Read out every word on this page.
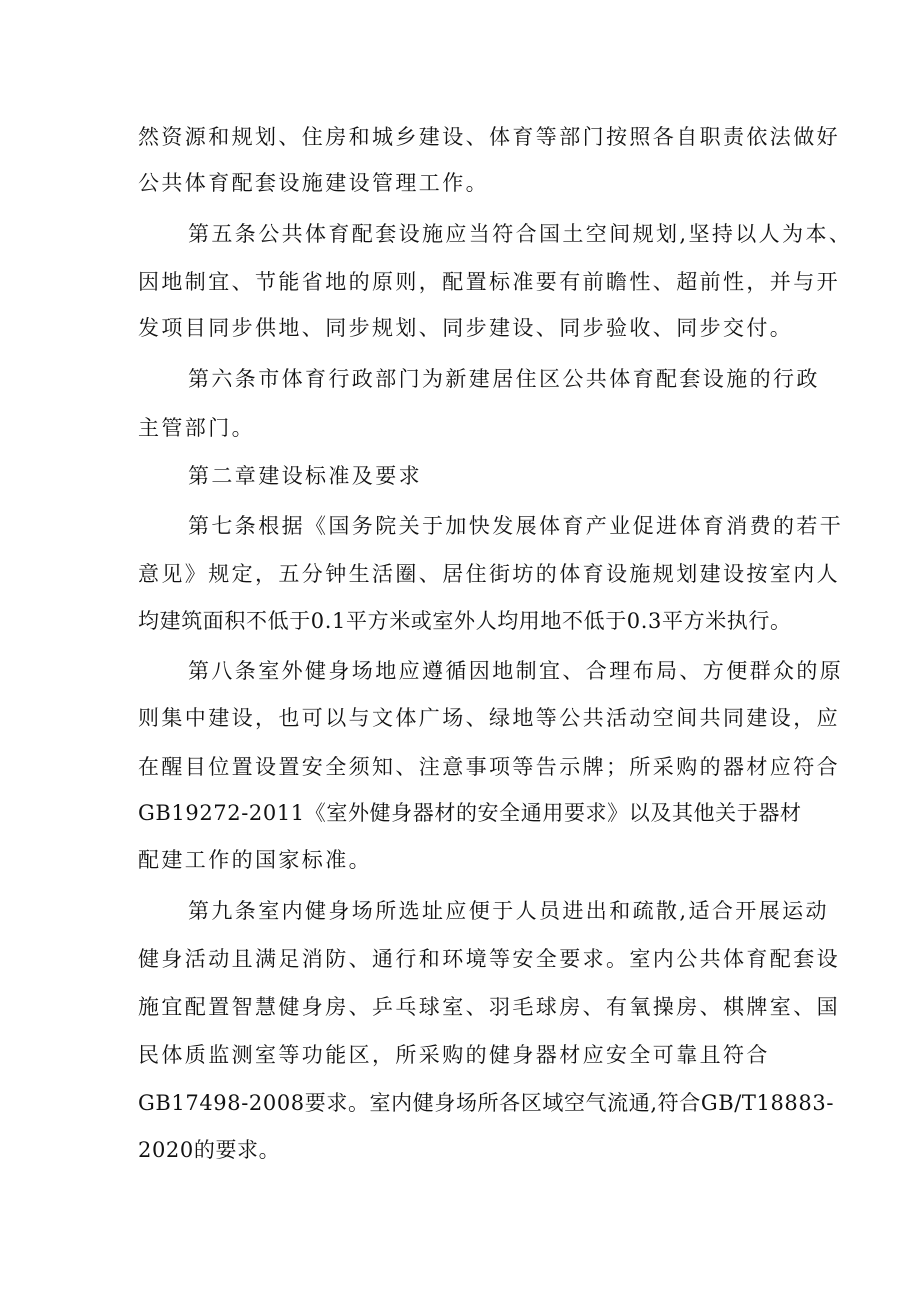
然资源和规划、住房和城乡建设、体育等部门按照各自职责依法做好
公共体育配套设施建设管理工作。
第五条公共体育配套设施应当符合国土空间规划,坚持以人为本、
因地制宜、节能省地的原则，配置标准要有前瞻性、超前性，并与开
发项目同步供地、同步规划、同步建设、同步验收、同步交付。
第六条市体育行政部门为新建居住区公共体育配套设施的行政
主管部门。
第二章建设标准及要求
第七条根据《国务院关于加快发展体育产业促进体育消费的若干
意见》规定，五分钟生活圈、居住街坊的体育设施规划建设按室内人
均建筑面积不低于0.1平方米或室外人均用地不低于0.3平方米执行。
第八条室外健身场地应遵循因地制宜、合理布局、方便群众的原
则集中建设，也可以与文体广场、绿地等公共活动空间共同建设，应
在醒目位置设置安全须知、注意事项等告示牌；所采购的器材应符合
GB19272-2011《室外健身器材的安全通用要求》以及其他关于器材
配建工作的国家标准。
第九条室内健身场所选址应便于人员进出和疏散,适合开展运动
健身活动且满足消防、通行和环境等安全要求。室内公共体育配套设
施宜配置智慧健身房、乒乓球室、羽毛球房、有氧操房、棋牌室、国
民体质监测室等功能区，所采购的健身器材应安全可靠且符合
GB17498-2008要求。室内健身场所各区域空气流通,符合GB/T18883-
2020的要求。
